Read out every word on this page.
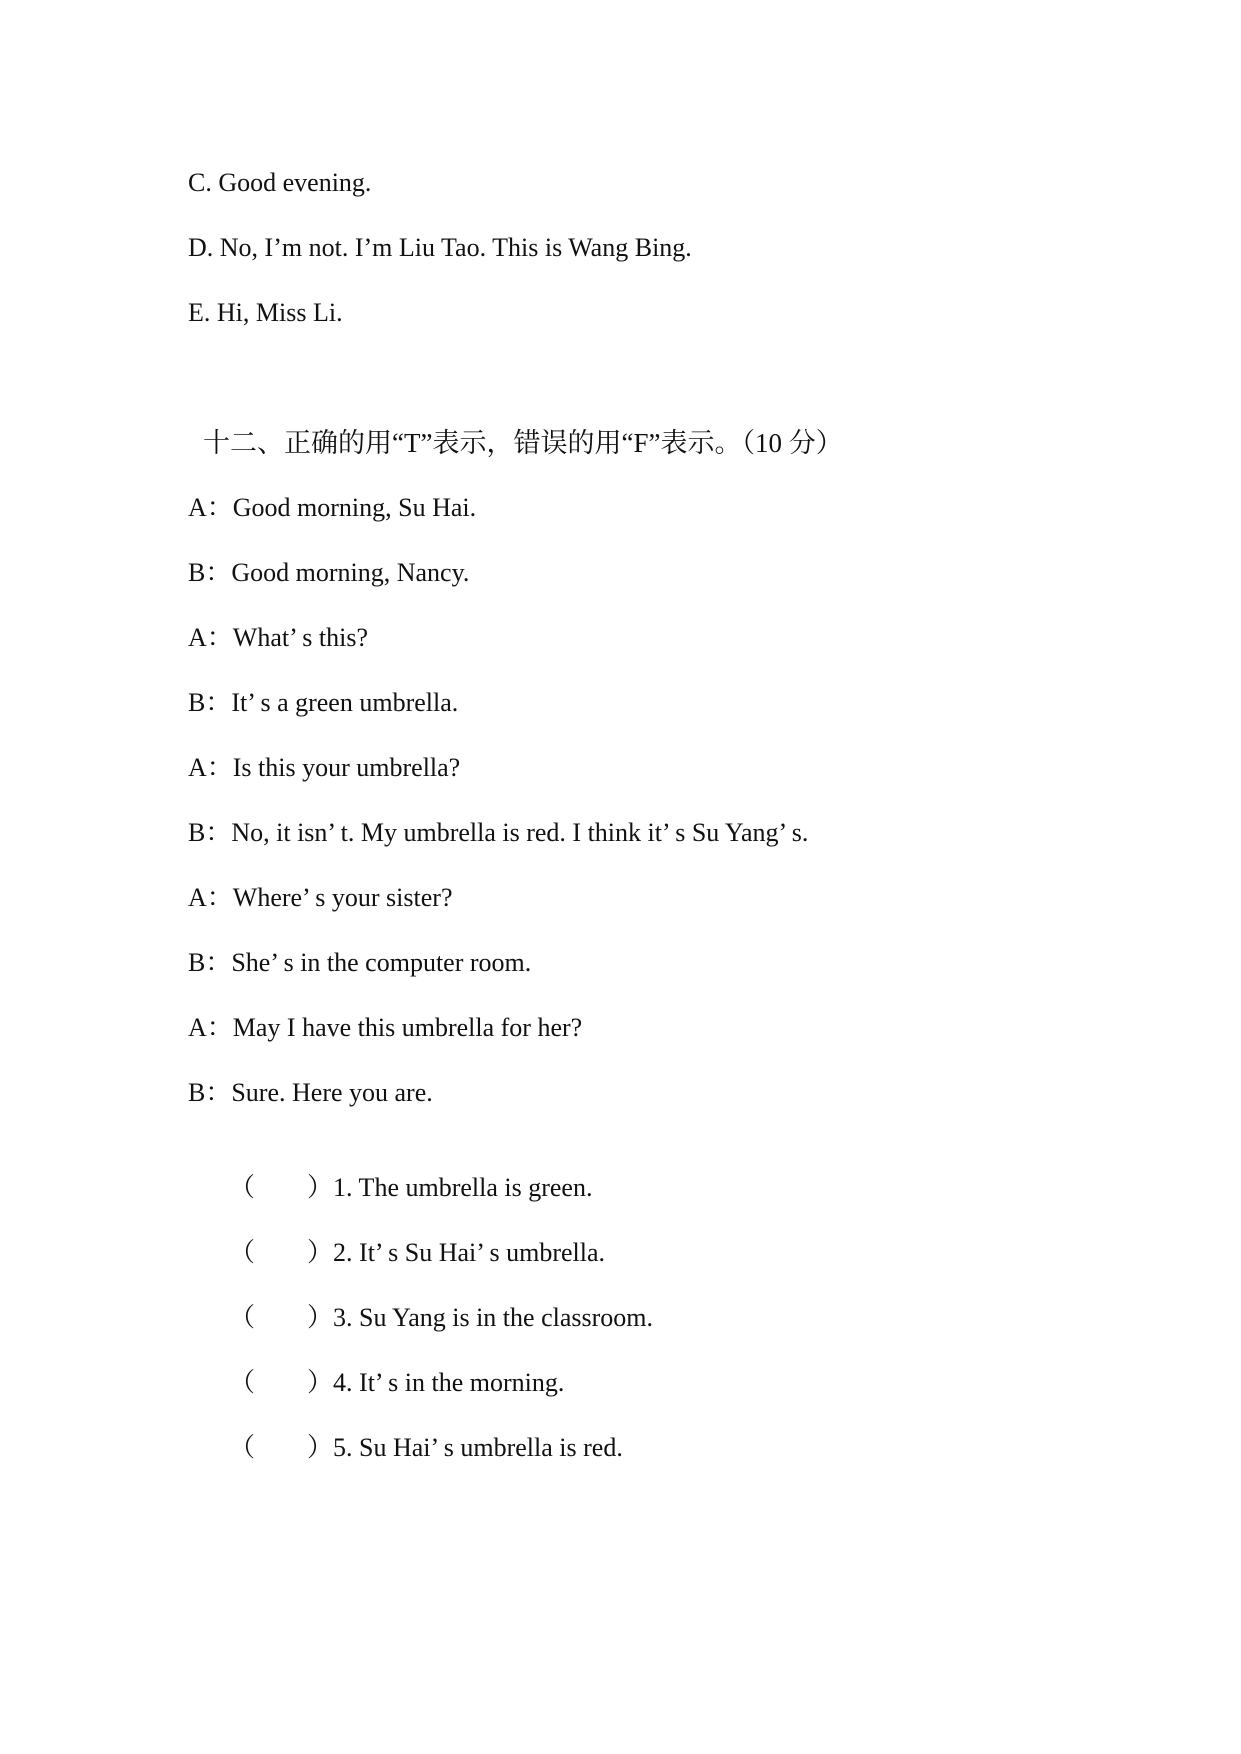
C. Good evening.
D. No, I’m not. I’m Liu Tao. This is Wang Bing.
E. Hi, Miss Li.
十二、正确的用“T”表示，错误的用“F”表示。（10 分）
A：Good morning, Su Hai.
B：Good morning, Nancy.
A：What’ s this?
B：It’ s a green umbrella.
A：Is this your umbrella?
B：No, it isn’ t. My umbrella is red. I think it’ s Su Yang’ s.
A：Where’ s your sister?
B：She’ s in the computer room.
A：May I have this umbrella for her?
B：Sure. Here you are.

（ ）1. The umbrella is green.

（ ）2. It’ s Su Hai’ s umbrella.

（ ）3. Su Yang is in the classroom.

（ ）4. It’ s in the morning.

（ ）5. Su Hai’ s umbrella is red.
